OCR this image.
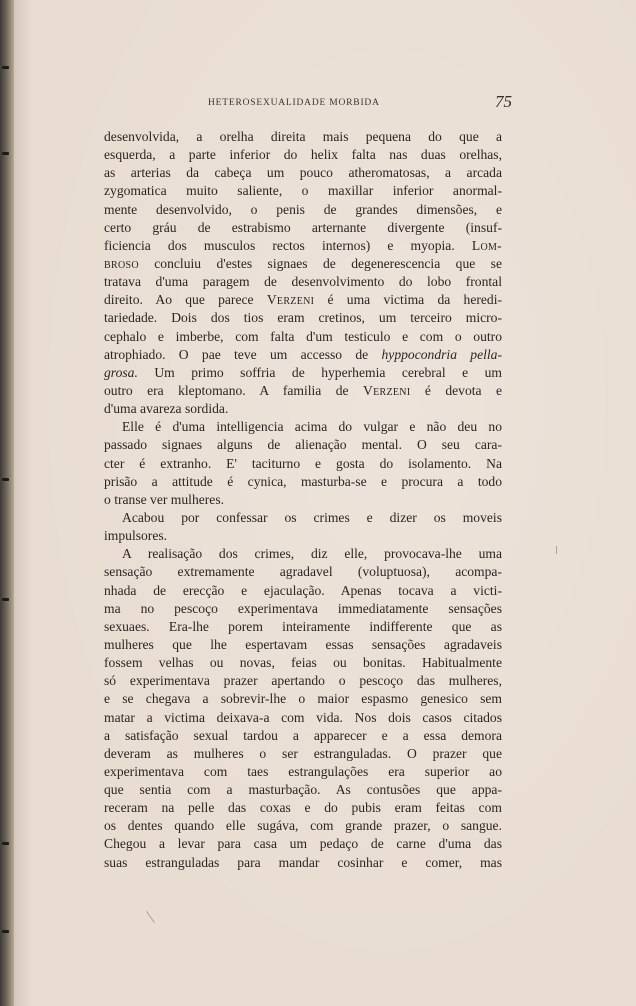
HETEROSEXUALIDADE MORBIDA	75
desenvolvida, a orelha direita mais pequena do que a
esquerda, a parte inferior do helix falta nas duas orelhas,
as arterias da cabeça um pouco atheromatosas, a arcada
zygomatica muito saliente, o maxillar inferior anormal-
mente desenvolvido, o penis de grandes dimensões, e
certo gráu de estrabismo arternante divergente (insuf-
ficiencia dos musculos rectos internos) e myopia. Lom-
broso concluiu d'estes signaes de degenerescencia que se
tratava d'uma paragem de desenvolvimento do lobo frontal
direito. Ao que parece Verzeni é uma victima da heredi-
tariedade. Dois dos tios eram cretinos, um terceiro micro-
cephalo e imberbe, com falta d'um testiculo e com o outro
atrophiado. O pae teve um accesso de hyppocondria pella-
grosa. Um primo soffria de hyperhemia cerebral e um
outro era kleptomano. A familia de Verzeni é devota e
d'uma avareza sordida.
Elle é d'uma intelligencia acima do vulgar e não deu no
passado signaes alguns de alienação mental. O seu cara-
cter é extranho. E' taciturno e gosta do isolamento. Na
prisão a attitude é cynica, masturba-se e procura a todo
o transe ver mulheres.
Acabou por confessar os crimes e dizer os moveis
impulsores.
A realisação dos crimes, diz elle, provocava-lhe uma
sensação extremamente agradavel (voluptuosa), acompa-
nhada de erecção e ejaculação. Apenas tocava a victi-
ma no pescoço experimentava immediatamente sensações
sexuaes. Era-lhe porem inteiramente indifferente que as
mulheres que lhe espertavam essas sensações agradaveis
fossem velhas ou novas, feias ou bonitas. Habitualmente
só experimentava prazer apertando o pescoço das mulheres,
e se chegava a sobrevir-lhe o maior espasmo genesico sem
matar a victima deixava-a com vida. Nos dois casos citados
a satisfação sexual tardou a apparecer e a essa demora
deveram as mulheres o ser estranguladas. O prazer que
experimentava com taes estrangulações era superior ao
que sentia com a masturbação. As contusões que appa-
receram na pelle das coxas e do pubis eram feitas com
os dentes quando elle sugáva, com grande prazer, o sangue.
Chegou a levar para casa um pedaço de carne d'uma das
suas estranguladas para mandar cosinhar e comer, mas
